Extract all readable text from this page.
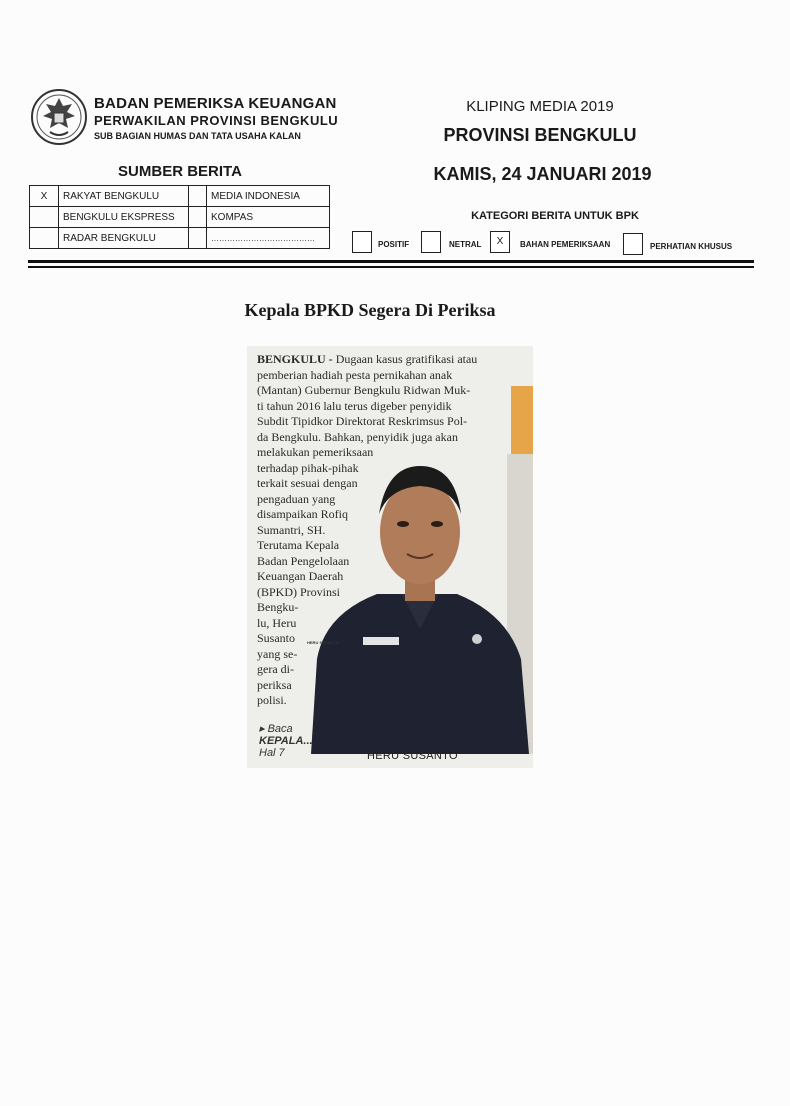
BADAN PEMERIKSA KEUANGAN
PERWAKILAN PROVINSI BENGKULU
SUB BAGIAN HUMAS DAN TATA USAHA KALAN
KLIPING MEDIA 2019
PROVINSI BENGKULU
KAMIS, 24 JANUARI 2019
SUMBER BERITA
X	RAKYAT BENGKULU		MEDIA INDONESIA
	BENGKULU EKSPRESS		KOMPAS
	RADAR BENGKULU		…………………………………
KATEGORI BERITA UNTUK BPK
POSITIF	NETRAL	X	BAHAN PEMERIKSAAN	PERHATIAN KHUSUS
Kepala BPKD Segera Di Periksa
HERU SUSANTO

BENGKULU - Dugaan kasus gratifikasi atau
pemberian hadiah pesta pernikahan anak
(Mantan) Gubernur Bengkulu Ridwan Muk-
ti tahun 2016 lalu terus digeber penyidik
Subdit Tipidkor Direktorat Reskrimsus Pol-
da Bengkulu. Bahkan, penyidik juga akan
melakukan pemeriksaan
terhadap pihak-pihak
terkait sesuai dengan
pengaduan yang
disampaikan Rofiq
Sumantri, SH.
Terutama Kepala
Badan Pengelolaan
Keuangan Daerah
(BPKD) Provinsi
Bengku-
lu, Heru
Susanto
yang se-
gera di-
periksa
polisi.

▸ Baca
KEPALA...
Hal 7	HERU SUSANTO
